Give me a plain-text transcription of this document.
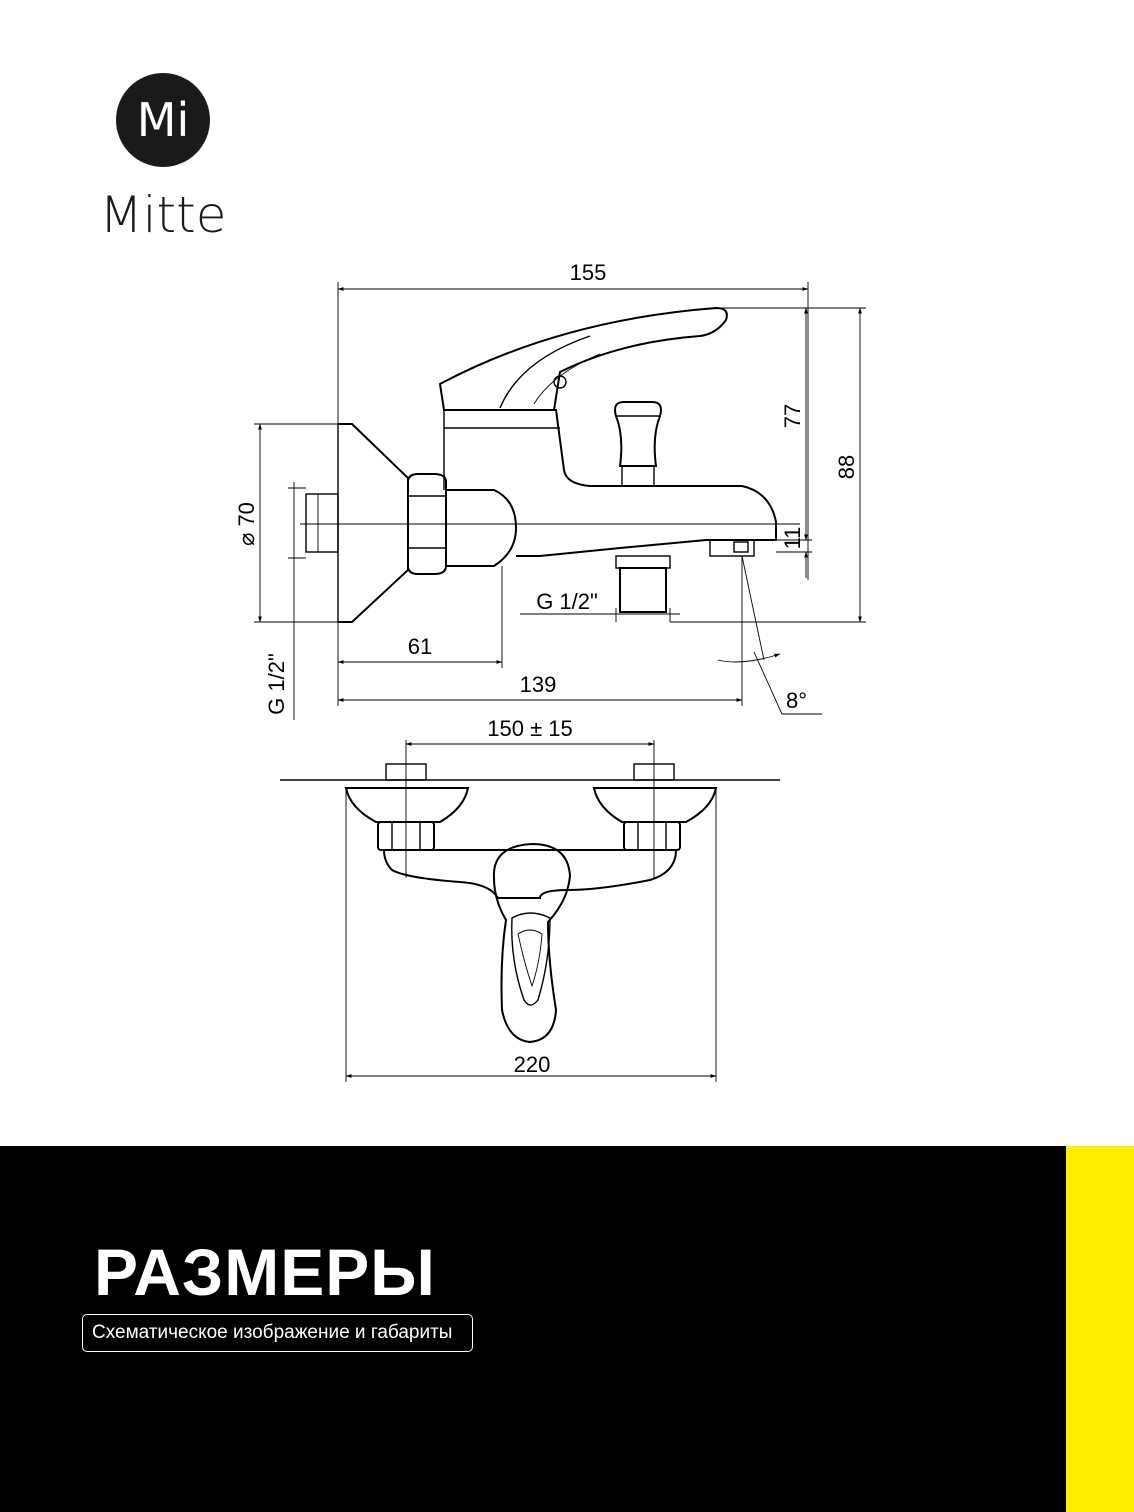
Mi
Mitte
155
77
11
88
⌀ 70
G 1/2"
G 1/2"
61
139
8°
150 ± 15
220
РАЗМЕРЫ
Схематическое изображение и габариты
